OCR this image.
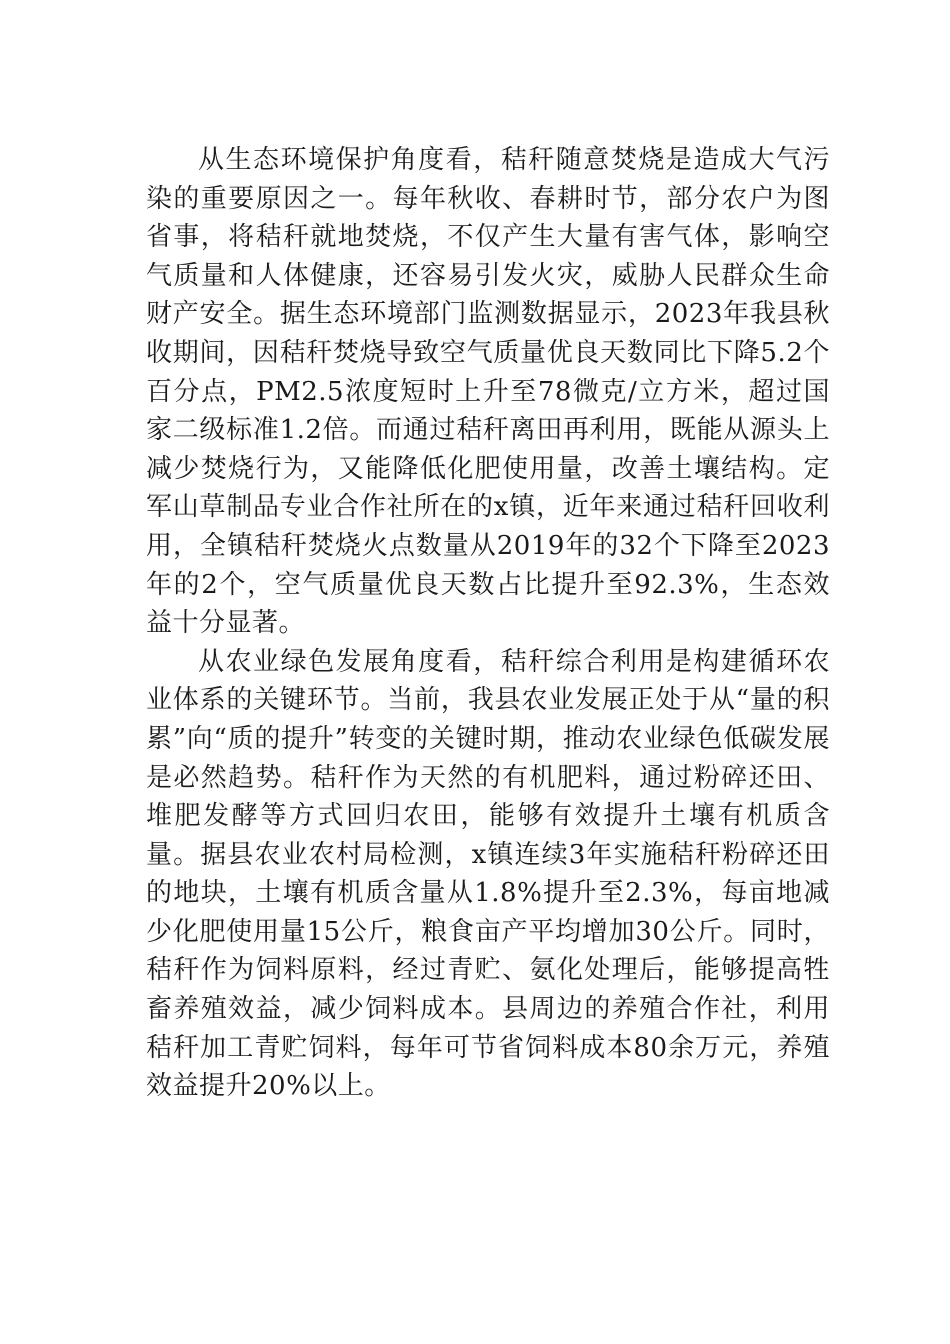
从生态环境保护角度看，秸秆随意焚烧是造成大气污染的重要原因之一。每年秋收、春耕时节，部分农户为图省事，将秸秆就地焚烧，不仅产生大量有害气体，影响空气质量和人体健康，还容易引发火灾，威胁人民群众生命财产安全。据生态环境部门监测数据显示，2023年我县秋收期间，因秸秆焚烧导致空气质量优良天数同比下降5.2个百分点，PM2.5浓度短时上升至78微克/立方米，超过国家二级标准1.2倍。而通过秸秆离田再利用，既能从源头上减少焚烧行为，又能降低化肥使用量，改善土壤结构。定军山草制品专业合作社所在的x镇，近年来通过秸秆回收利用，全镇秸秆焚烧火点数量从2019年的32个下降至2023年的2个，空气质量优良天数占比提升至92.3%，生态效益十分显著。

从农业绿色发展角度看，秸秆综合利用是构建循环农业体系的关键环节。当前，我县农业发展正处于从“量的积累”向“质的提升”转变的关键时期，推动农业绿色低碳发展是必然趋势。秸秆作为天然的有机肥料，通过粉碎还田、堆肥发酵等方式回归农田，能够有效提升土壤有机质含量。据县农业农村局检测，x镇连续3年实施秸秆粉碎还田的地块，土壤有机质含量从1.8%提升至2.3%，每亩地减少化肥使用量15公斤，粮食亩产平均增加30公斤。同时，秸秆作为饲料原料，经过青贮、氨化处理后，能够提高牲畜养殖效益，减少饲料成本。县周边的养殖合作社，利用秸秆加工青贮饲料，每年可节省饲料成本80余万元，养殖效益提升20%以上。
